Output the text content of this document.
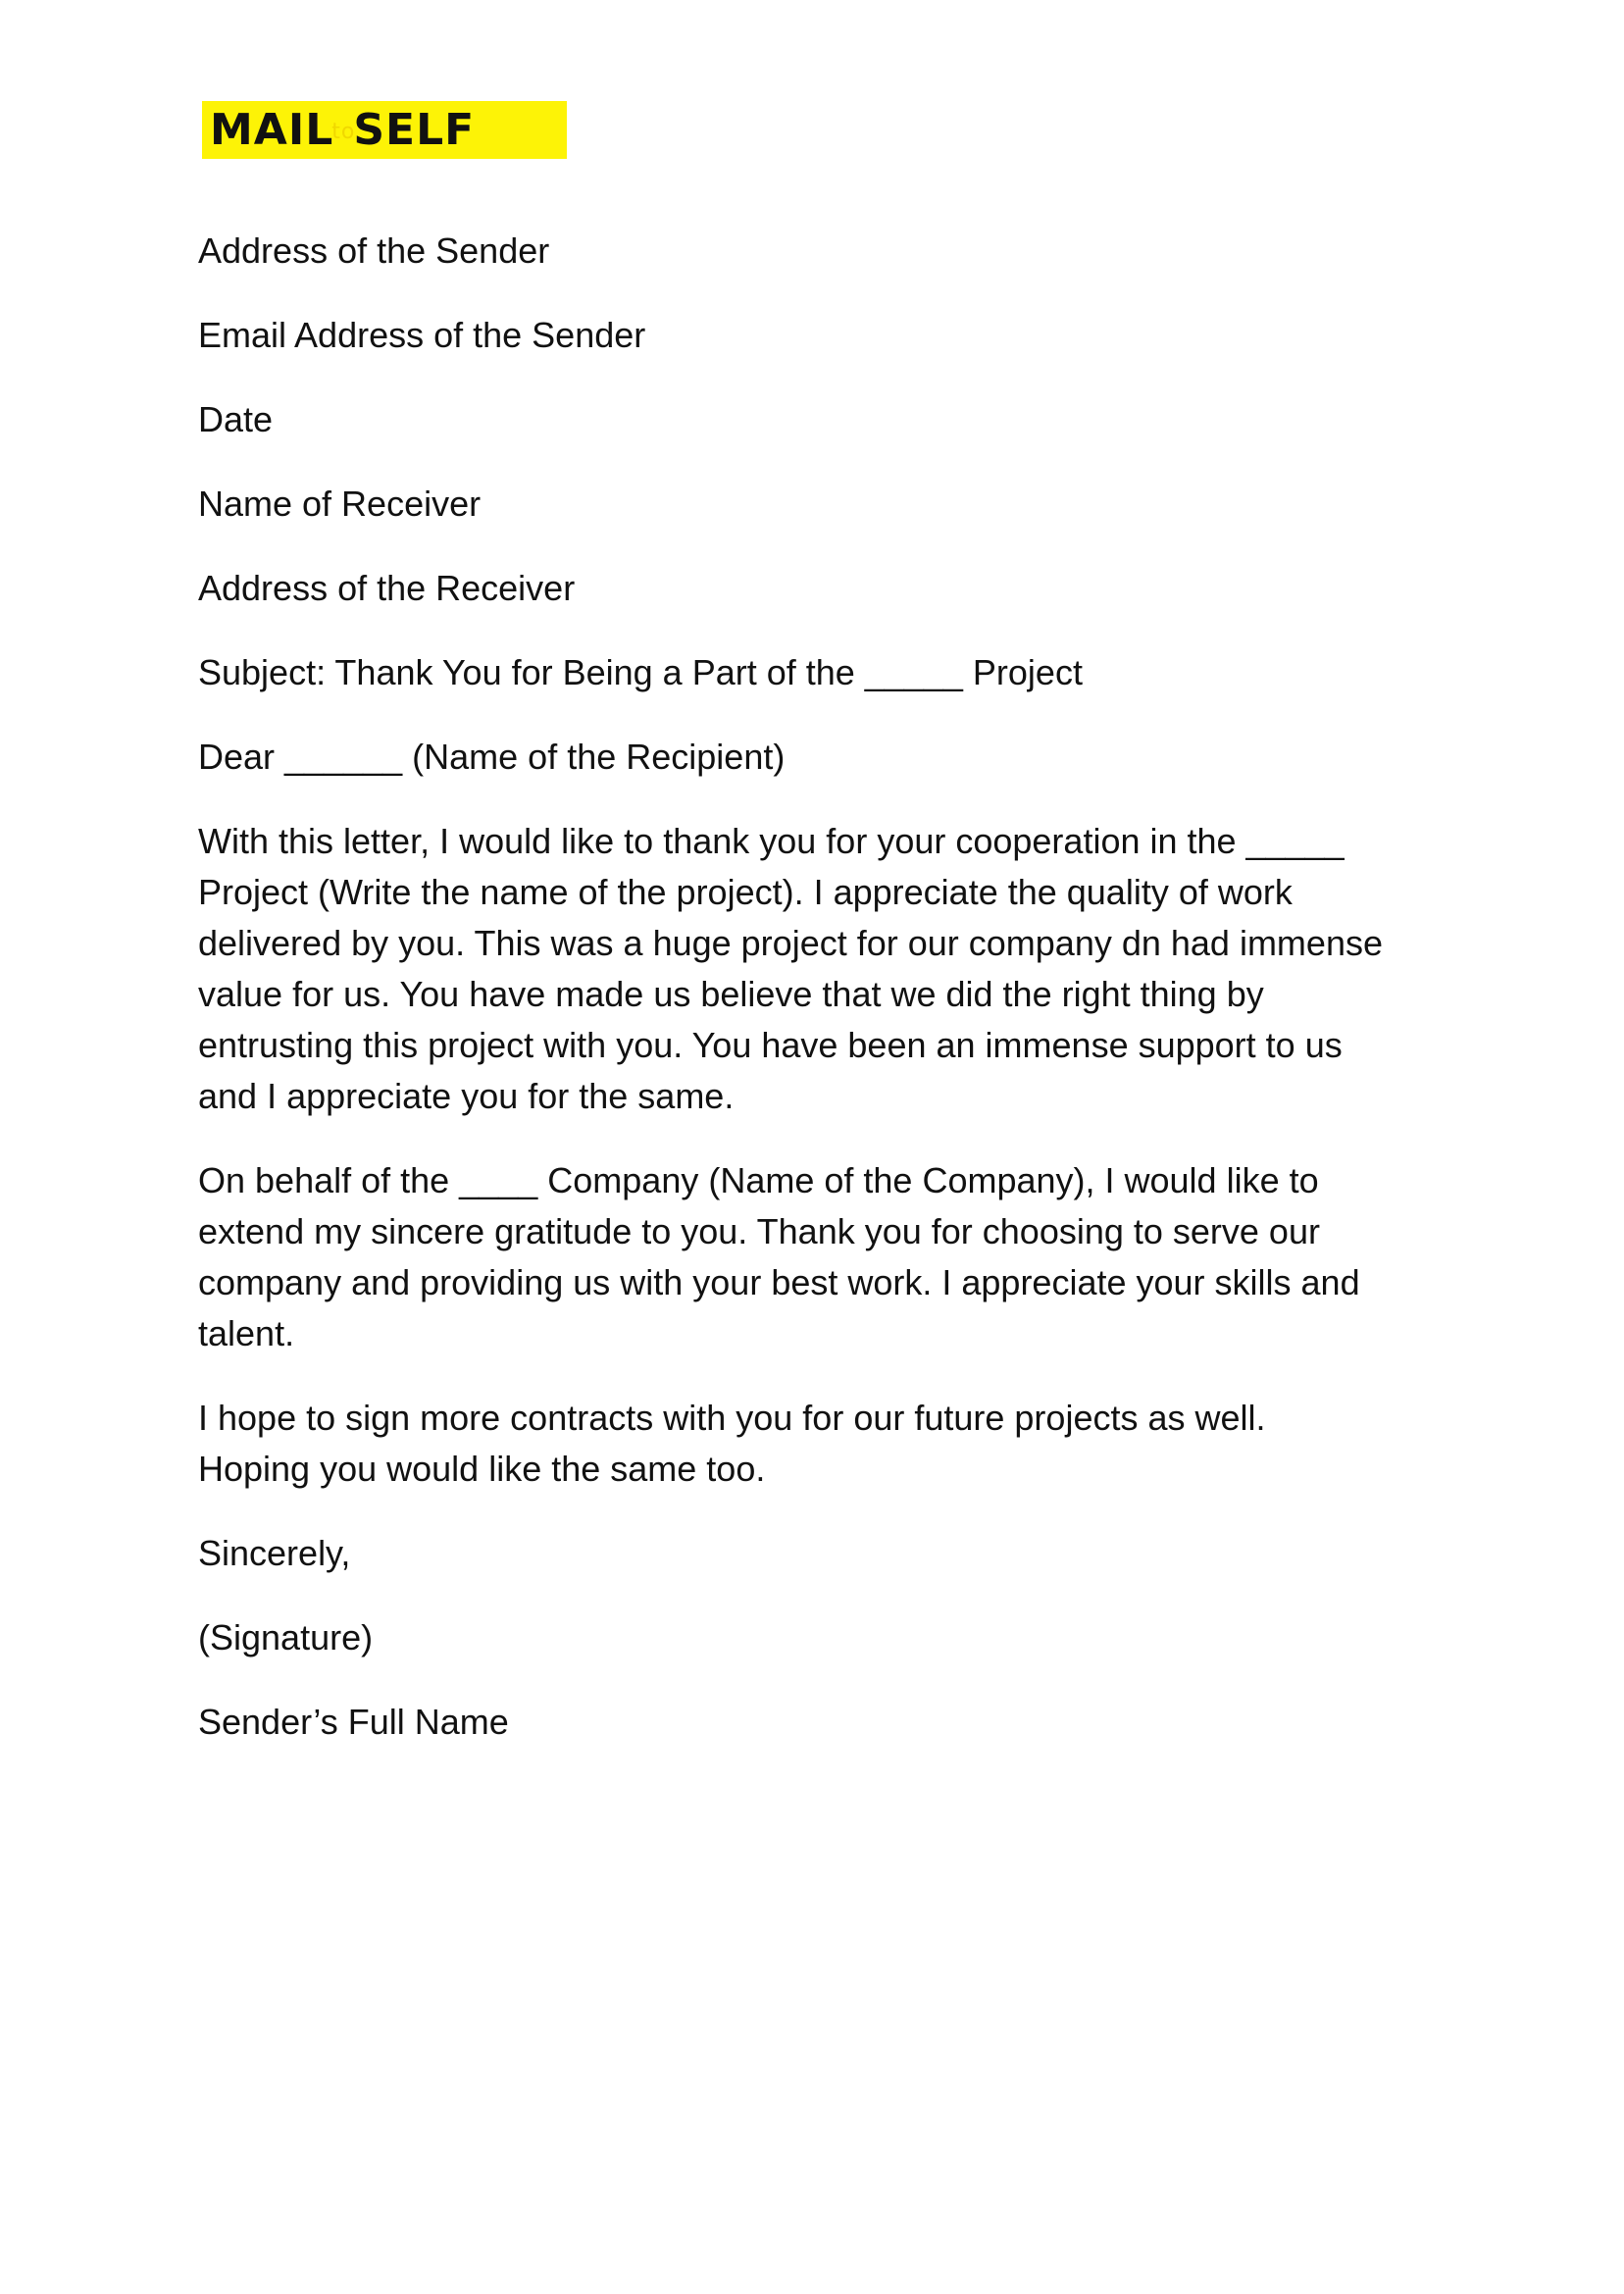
MAILtoSELF
Address of the Sender
Email Address of the Sender
Date
Name of Receiver
Address of the Receiver
Subject: Thank You for Being a Part of the _____ Project
Dear ______ (Name of the Recipient)
With this letter, I would like to thank you for your cooperation in the _____
Project (Write the name of the project). I appreciate the quality of work
delivered by you. This was a huge project for our company dn had immense
value for us. You have made us believe that we did the right thing by
entrusting this project with you. You have been an immense support to us
and I appreciate you for the same.
On behalf of the ____ Company (Name of the Company), I would like to
extend my sincere gratitude to you. Thank you for choosing to serve our
company and providing us with your best work. I appreciate your skills and
talent.
I hope to sign more contracts with you for our future projects as well.
Hoping you would like the same too.
Sincerely,
(Signature)
Sender’s Full Name
